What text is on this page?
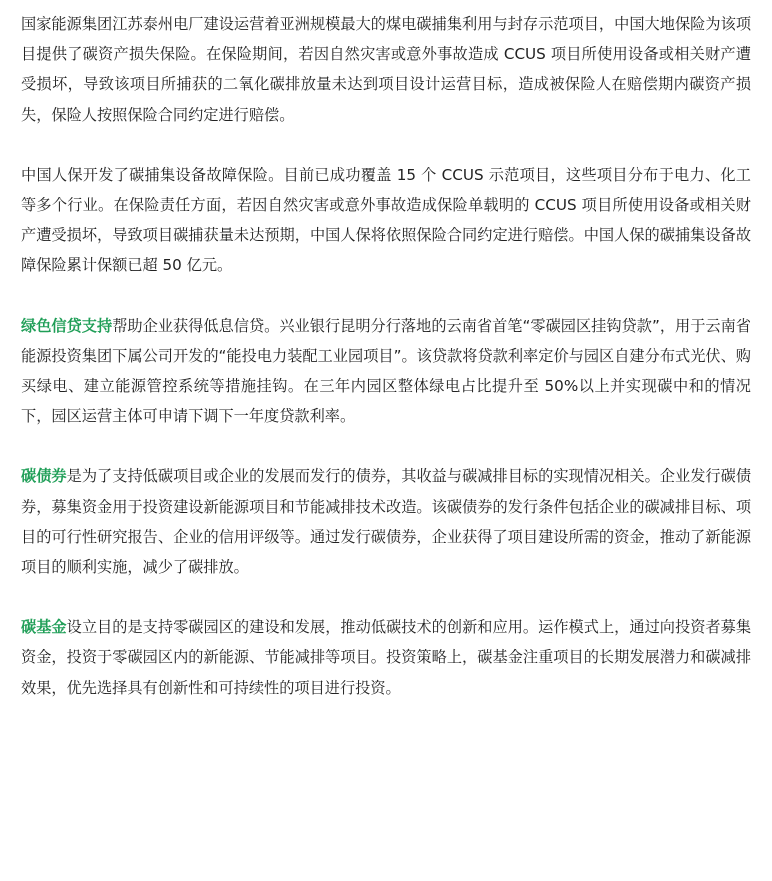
国家能源集团江苏泰州电厂建设运营着亚洲规模最大的煤电碳捕集利用与封存示范项目，中国大地保险为该项目提供了碳资产损失保险。在保险期间，若因自然灾害或意外事故造成 CCUS 项目所使用设备或相关财产遭受损坏，导致该项目所捕获的二氧化碳排放量未达到项目设计运营目标，造成被保险人在赔偿期内碳资产损失，保险人按照保险合同约定进行赔偿。

中国人保开发了碳捕集设备故障保险。目前已成功覆盖 15 个 CCUS 示范项目，这些项目分布于电力、化工等多个行业。在保险责任方面，若因自然灾害或意外事故造成保险单载明的 CCUS 项目所使用设备或相关财产遭受损坏，导致项目碳捕获量未达预期，中国人保将依照保险合同约定进行赔偿。中国人保的碳捕集设备故障保险累计保额已超 50 亿元。

绿色信贷支持帮助企业获得低息信贷。兴业银行昆明分行落地的云南省首笔“零碳园区挂钩贷款”，用于云南省能源投资集团下属公司开发的“能投电力装配工业园项目”。该贷款将贷款利率定价与园区自建分布式光伏、购买绿电、建立能源管控系统等措施挂钩。在三年内园区整体绿电占比提升至 50%以上并实现碳中和的情况下，园区运营主体可申请下调下一年度贷款利率。

碳债券是为了支持低碳项目或企业的发展而发行的债券，其收益与碳减排目标的实现情况相关。企业发行碳债券，募集资金用于投资建设新能源项目和节能减排技术改造。该碳债券的发行条件包括企业的碳减排目标、项目的可行性研究报告、企业的信用评级等。通过发行碳债券，企业获得了项目建设所需的资金，推动了新能源项目的顺利实施，减少了碳排放。

碳基金设立目的是支持零碳园区的建设和发展，推动低碳技术的创新和应用。运作模式上，通过向投资者募集资金，投资于零碳园区内的新能源、节能减排等项目。投资策略上，碳基金注重项目的长期发展潜力和碳减排效果，优先选择具有创新性和可持续性的项目进行投资。
